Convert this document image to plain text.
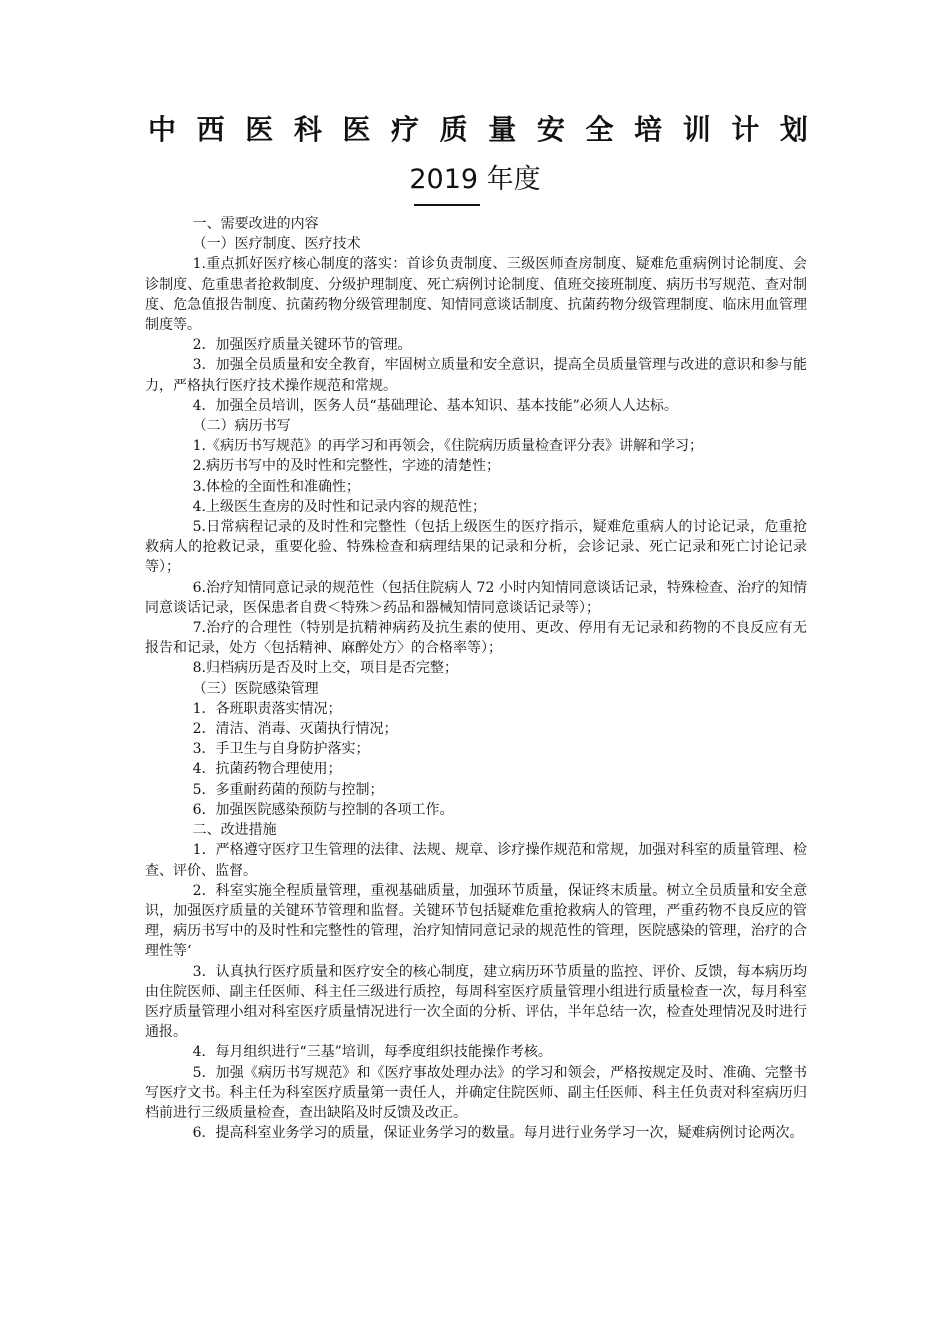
中 西 医 科 医 疗 质 量 安 全 培 训 计 划
2019 年度

一、需要改进的内容

（一）医疗制度、医疗技术

1.重点抓好医疗核心制度的落实：首诊负责制度、三级医师查房制度、疑难危重病例讨论制度、会诊制度、危重患者抢救制度、分级护理制度、死亡病例讨论制度、值班交接班制度、病历书写规范、查对制度、危急值报告制度、抗菌药物分级管理制度、知情同意谈话制度、抗菌药物分级管理制度、临床用血管理制度等。

2．加强医疗质量关键环节的管理。

3．加强全员质量和安全教育，牢固树立质量和安全意识，提高全员质量管理与改进的意识和参与能力，严格执行医疗技术操作规范和常规。

4．加强全员培训，医务人员“基础理论、基本知识、基本技能”必须人人达标。

（二）病历书写

1.《病历书写规范》的再学习和再领会，《住院病历质量检查评分表》讲解和学习；

2.病历书写中的及时性和完整性，字迹的清楚性；

3.体检的全面性和准确性；

4.上级医生查房的及时性和记录内容的规范性；

5.日常病程记录的及时性和完整性（包括上级医生的医疗指示，疑难危重病人的讨论记录，危重抢救病人的抢救记录，重要化验、特殊检查和病理结果的记录和分析，会诊记录、死亡记录和死亡讨论记录等）；

6.治疗知情同意记录的规范性（包括住院病人 72 小时内知情同意谈话记录，特殊检查、治疗的知情同意谈话记录，医保患者自费＜特殊＞药品和器械知情同意谈话记录等）；

7.治疗的合理性（特别是抗精神病药及抗生素的使用、更改、停用有无记录和药物的不良反应有无报告和记录，处方〈包括精神、麻醉处方〉的合格率等）；

8.归档病历是否及时上交，项目是否完整；

（三）医院感染管理

1．各班职责落实情况；

2．清洁、消毒、灭菌执行情况；

3．手卫生与自身防护落实；

4．抗菌药物合理使用；

5．多重耐药菌的预防与控制；

6．加强医院感染预防与控制的各项工作。

二、改进措施

1．严格遵守医疗卫生管理的法律、法规、规章、诊疗操作规范和常规，加强对科室的质量管理、检查、评价、监督。

2．科室实施全程质量管理，重视基础质量，加强环节质量，保证终末质量。树立全员质量和安全意识，加强医疗质量的关键环节管理和监督。关键环节包括疑难危重抢救病人的管理，严重药物不良反应的管理，病历书写中的及时性和完整性的管理，治疗知情同意记录的规范性的管理，医院感染的管理，治疗的合理性等‘

3．认真执行医疗质量和医疗安全的核心制度，建立病历环节质量的监控、评价、反馈，每本病历均由住院医师、副主任医师、科主任三级进行质控，每周科室医疗质量管理小组进行质量检查一次，每月科室医疗质量管理小组对科室医疗质量情况进行一次全面的分析、评估，半年总结一次，检查处理情况及时进行通报。

4．每月组织进行“三基”培训，每季度组织技能操作考核。

5．加强《病历书写规范》和《医疗事故处理办法》的学习和领会，严格按规定及时、准确、完整书写医疗文书。科主任为科室医疗质量第一责任人，并确定住院医师、副主任医师、科主任负责对科室病历归档前进行三级质量检查，查出缺陷及时反馈及改正。

6．提高科室业务学习的质量，保证业务学习的数量。每月进行业务学习一次，疑难病例讨论两次。
